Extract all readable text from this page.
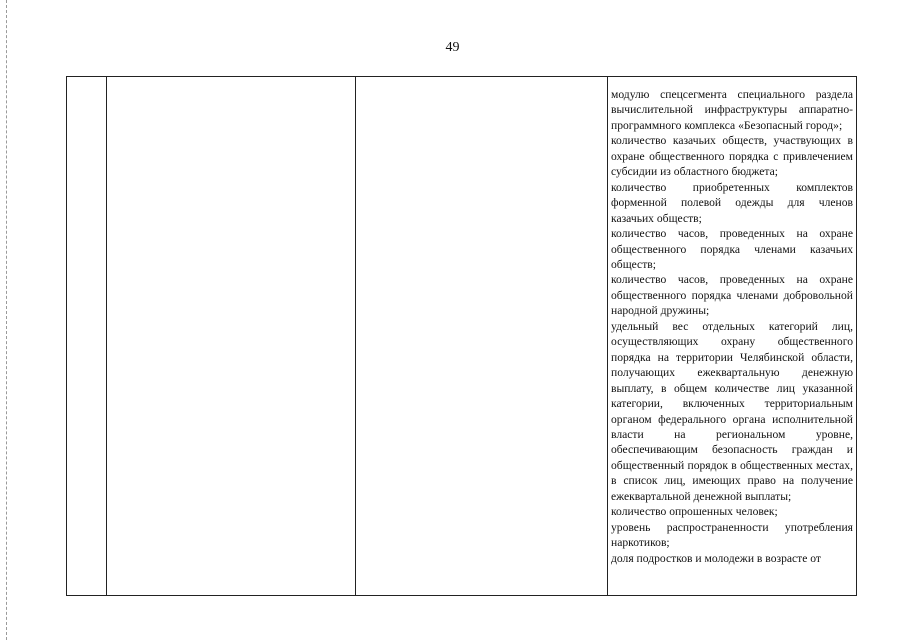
49

модулю спецсегмента специального раздела вычислительной инфраструктуры аппаратно-программного комплекса «Безопасный город»;
количество казачьих обществ, участвующих в охране общественного порядка с привлечением субсидии из областного бюджета;
количество приобретенных комплектов форменной полевой одежды для членов казачьих обществ;
количество часов, проведенных на охране общественного порядка членами казачьих обществ;
количество часов, проведенных на охране общественного порядка членами добровольной народной дружины;
удельный вес отдельных категорий лиц, осуществляющих охрану общественного порядка на территории Челябинской области, получающих ежеквартальную денежную выплату, в общем количестве лиц указанной категории, включенных территориальным органом федерального органа исполнительной власти на региональном уровне, обеспечивающим безопасность граждан и общественный порядок в общественных местах, в список лиц, имеющих право на получение ежеквартальной денежной выплаты;
количество опрошенных человек;
уровень распространенности употребления наркотиков;
доля подростков и молодежи в возрасте от
